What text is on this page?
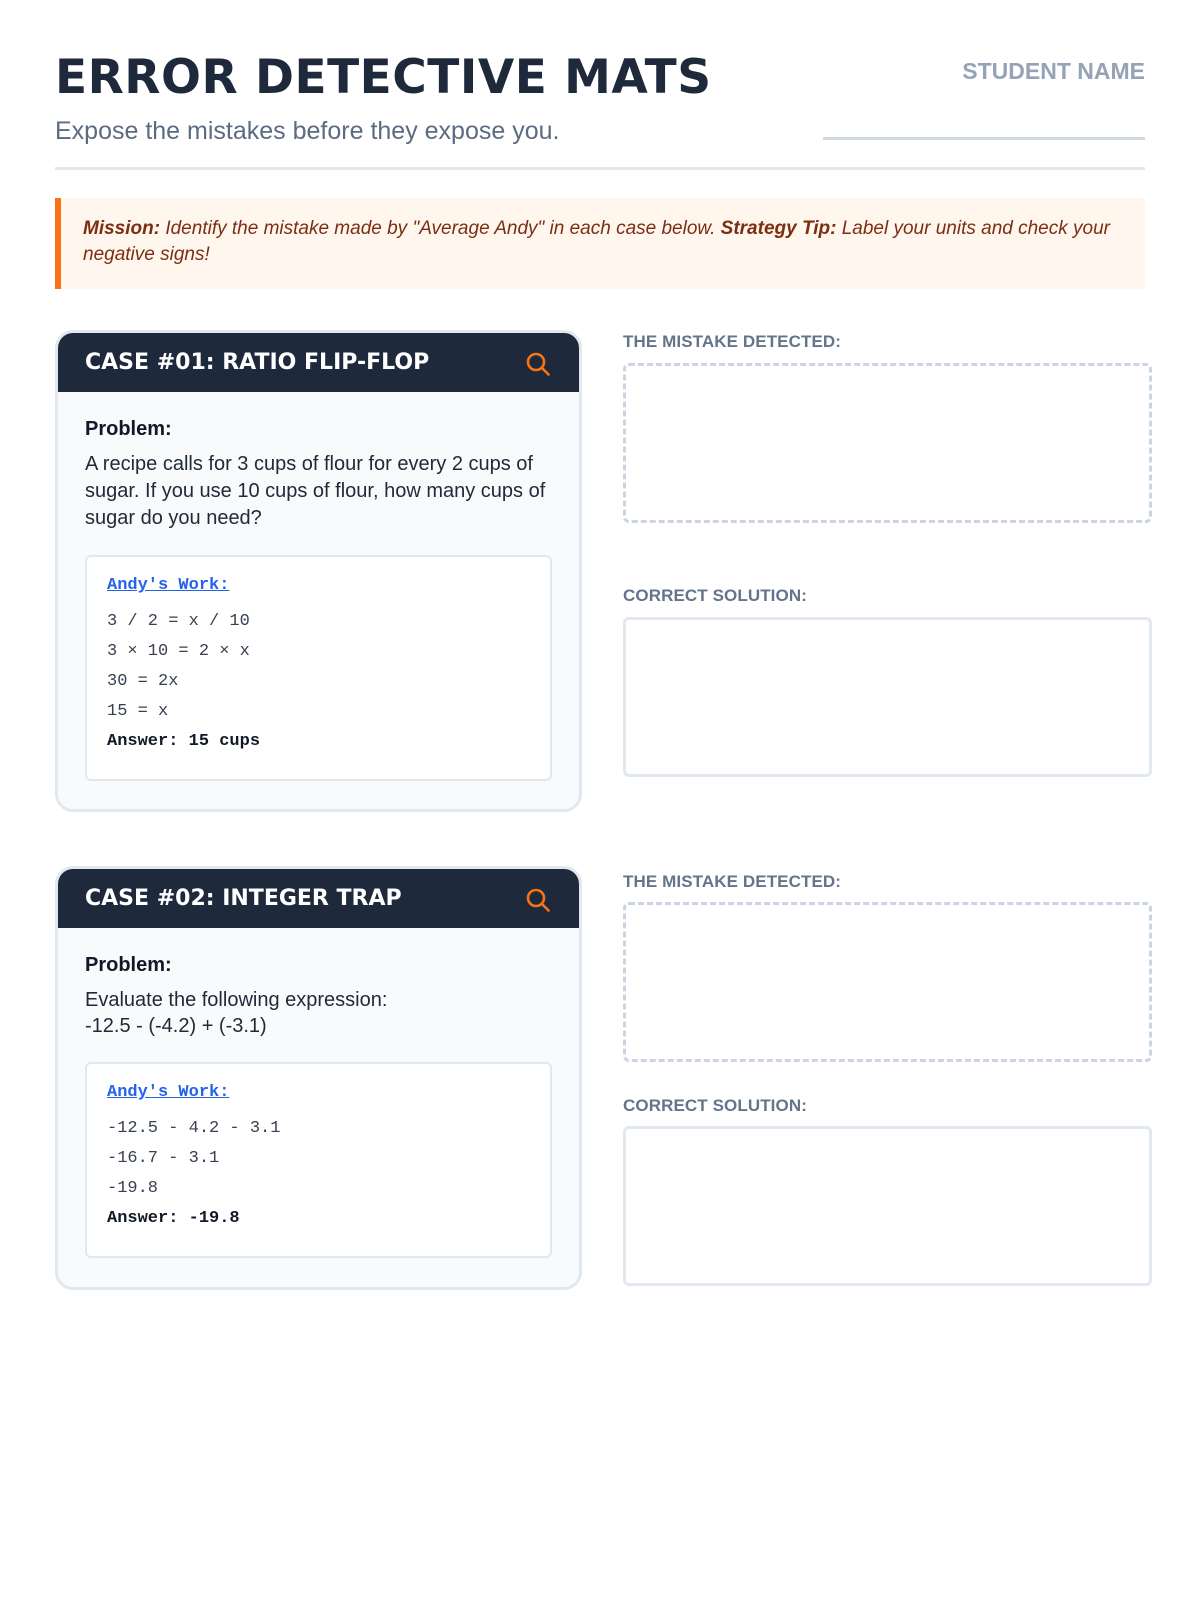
ERROR DETECTIVE MATS
Expose the mistakes before they expose you.
STUDENT NAME
Mission: Identify the mistake made by "Average Andy" in each case below. Strategy Tip: Label your units and check your negative signs!
CASE #01: RATIO FLIP-FLOP
Problem:
A recipe calls for 3 cups of flour for every 2 cups of sugar. If you use 10 cups of flour, how many cups of sugar do you need?
Andy's Work:
3 / 2 = x / 10
3 × 10 = 2 × x
30 = 2x
15 = x
Answer: 15 cups
THE MISTAKE DETECTED:
CORRECT SOLUTION:
CASE #02: INTEGER TRAP
Problem:
Evaluate the following expression:
-12.5 - (-4.2) + (-3.1)
Andy's Work:
-12.5 - 4.2 - 3.1
-16.7 - 3.1
-19.8
Answer: -19.8
THE MISTAKE DETECTED:
CORRECT SOLUTION:
